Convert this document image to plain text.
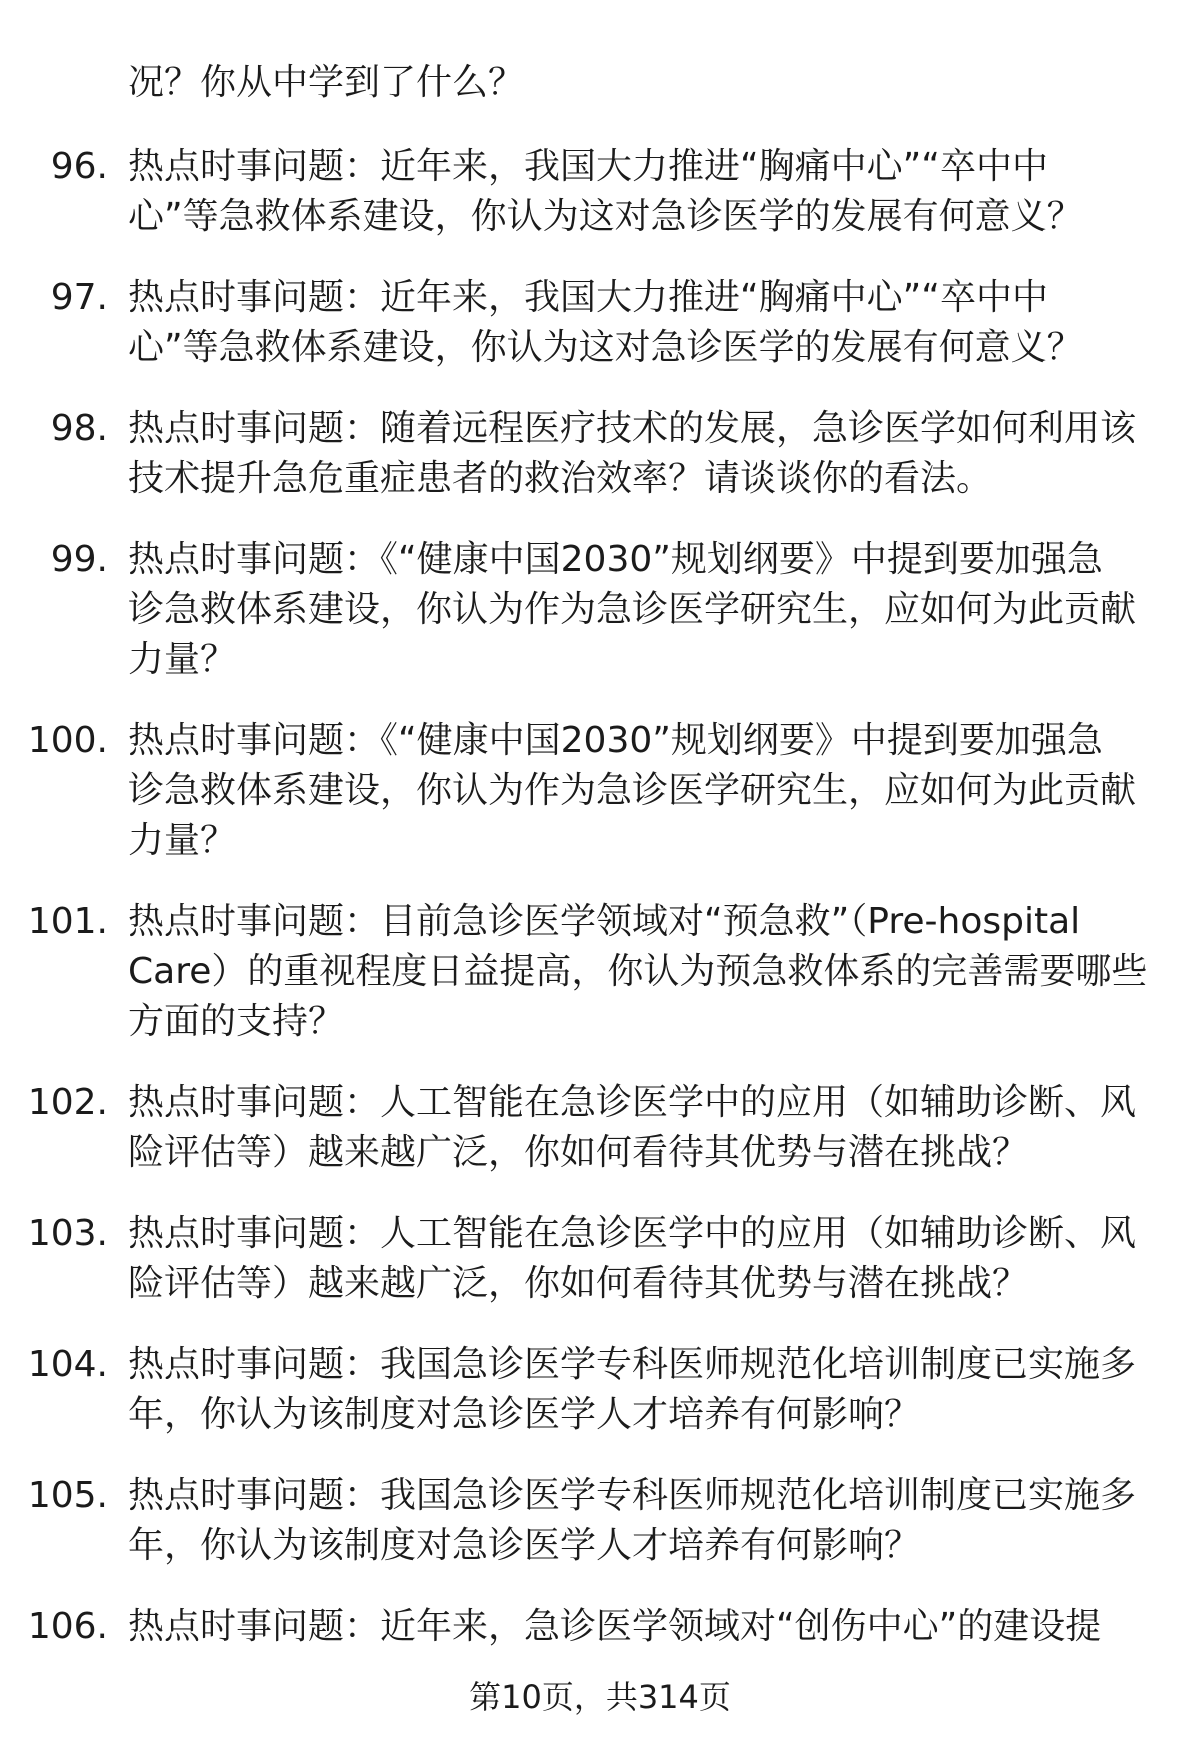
况？你从中学到了什么？
96. 热点时事问题：近年来，我国大力推进“胸痛中心”“卒中中
心”等急救体系建设，你认为这对急诊医学的发展有何意义？
97. 热点时事问题：近年来，我国大力推进“胸痛中心”“卒中中
心”等急救体系建设，你认为这对急诊医学的发展有何意义？
98. 热点时事问题：随着远程医疗技术的发展，急诊医学如何利用该
技术提升急危重症患者的救治效率？请谈谈你的看法。
99. 热点时事问题：《“健康中国2030”规划纲要》中提到要加强急
诊急救体系建设，你认为作为急诊医学研究生，应如何为此贡献
力量？
100. 热点时事问题：《“健康中国2030”规划纲要》中提到要加强急
诊急救体系建设，你认为作为急诊医学研究生，应如何为此贡献
力量？
101. 热点时事问题：目前急诊医学领域对“预急救”（Pre-hospital
Care）的重视程度日益提高，你认为预急救体系的完善需要哪些
方面的支持？
102. 热点时事问题：人工智能在急诊医学中的应用（如辅助诊断、风
险评估等）越来越广泛，你如何看待其优势与潜在挑战？
103. 热点时事问题：人工智能在急诊医学中的应用（如辅助诊断、风
险评估等）越来越广泛，你如何看待其优势与潜在挑战？
104. 热点时事问题：我国急诊医学专科医师规范化培训制度已实施多
年，你认为该制度对急诊医学人才培养有何影响？
105. 热点时事问题：我国急诊医学专科医师规范化培训制度已实施多
年，你认为该制度对急诊医学人才培养有何影响？
106. 热点时事问题：近年来，急诊医学领域对“创伤中心”的建设提
第10页，共314页
